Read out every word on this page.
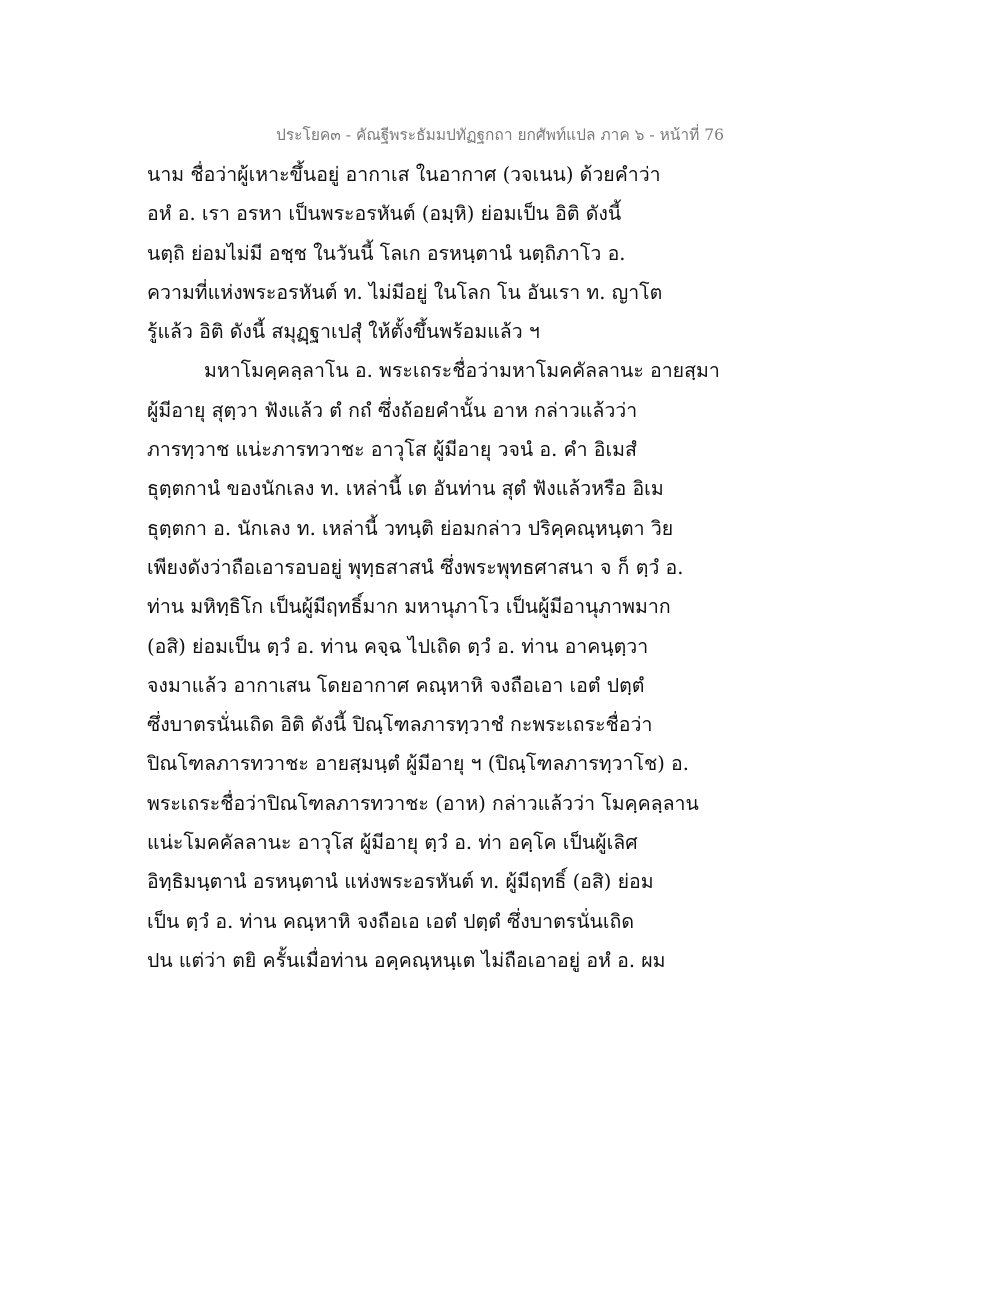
ประโยค๓ - คัณฐีพระธัมมปทัฏฐกถา ยกศัพท์แปล ภาค ๖ - หน้าที่ 76
นาม ชื่อว่าผู้เหาะขึ้นอยู่ อากาเส ในอากาศ (วจเนน) ด้วยคำว่า
อหํ อ. เรา อรหา เป็นพระอรหันต์ (อมฺหิ) ย่อมเป็น อิติ ดังนี้
นตฺถิ ย่อมไม่มี อชฺช ในวันนี้ โลเก อรหนฺตานํ นตฺถิภาโว อ.
ความที่แห่งพระอรหันต์ ท. ไม่มีอยู่ ในโลก โน อันเรา ท. ญาโต
รู้แล้ว อิติ ดังนี้ สมุฏฺฐาเปสุํ ให้ตั้งขึ้นพร้อมแล้ว ฯ
มหาโมคฺคลฺลาโน อ. พระเถระชื่อว่ามหาโมคคัลลานะ อายสฺมา
ผู้มีอายุ สุตฺวา ฟังแล้ว ตํ กถํ ซึ่งถ้อยคำนั้น อาห กล่าวแล้วว่า
ภารทฺวาช แน่ะภารทวาชะ อาวุโส ผู้มีอายุ วจนํ อ. คำ อิเมสํ
ธุตฺตกานํ ของนักเลง ท. เหล่านี้ เต อันท่าน สุตํ ฟังแล้วหรือ อิเม
ธุตฺตกา อ. นักเลง ท. เหล่านี้ วทนฺติ ย่อมกล่าว ปริคฺคณฺหนฺตา วิย
เพียงดังว่าถือเอารอบอยู่ พุทฺธสาสนํ ซึ่งพระพุทธศาสนา จ ก็ ตฺวํ อ.
ท่าน มหิทฺธิโก เป็นผู้มีฤทธิ์มาก มหานุภาโว เป็นผู้มีอานุภาพมาก
(อสิ) ย่อมเป็น ตฺวํ อ. ท่าน คจฺฉ ไปเถิด ตฺวํ อ. ท่าน อาคนฺตฺวา
จงมาแล้ว อากาเสน โดยอากาศ คณฺหาหิ จงถือเอา เอตํ ปตฺตํ
ซึ่งบาตรนั่นเถิด อิติ ดังนี้ ปิณฺโฑลภารทฺวาชํ กะพระเถระชื่อว่า
ปิณโฑลภารทวาชะ อายสฺมนฺตํ ผู้มีอายุ ฯ (ปิณฺโฑลภารทฺวาโช) อ.
พระเถระชื่อว่าปิณโฑลภารทวาชะ (อาห) กล่าวแล้วว่า โมคฺคลฺลาน
แน่ะโมคคัลลานะ อาวุโส ผู้มีอายุ ตฺวํ อ. ท่า อคฺโค เป็นผู้เลิศ
อิทฺธิมนฺตานํ อรหนฺตานํ แห่งพระอรหันต์ ท. ผู้มีฤทธิ์ (อสิ) ย่อม
เป็น ตฺวํ อ. ท่าน คณฺหาหิ จงถือเอ เอตํ ปตฺตํ ซึ่งบาตรนั่นเถิด
ปน แต่ว่า ตยิ ครั้นเมื่อท่าน อคฺคณฺหนฺเต ไม่ถือเอาอยู่ อหํ อ. ผม
